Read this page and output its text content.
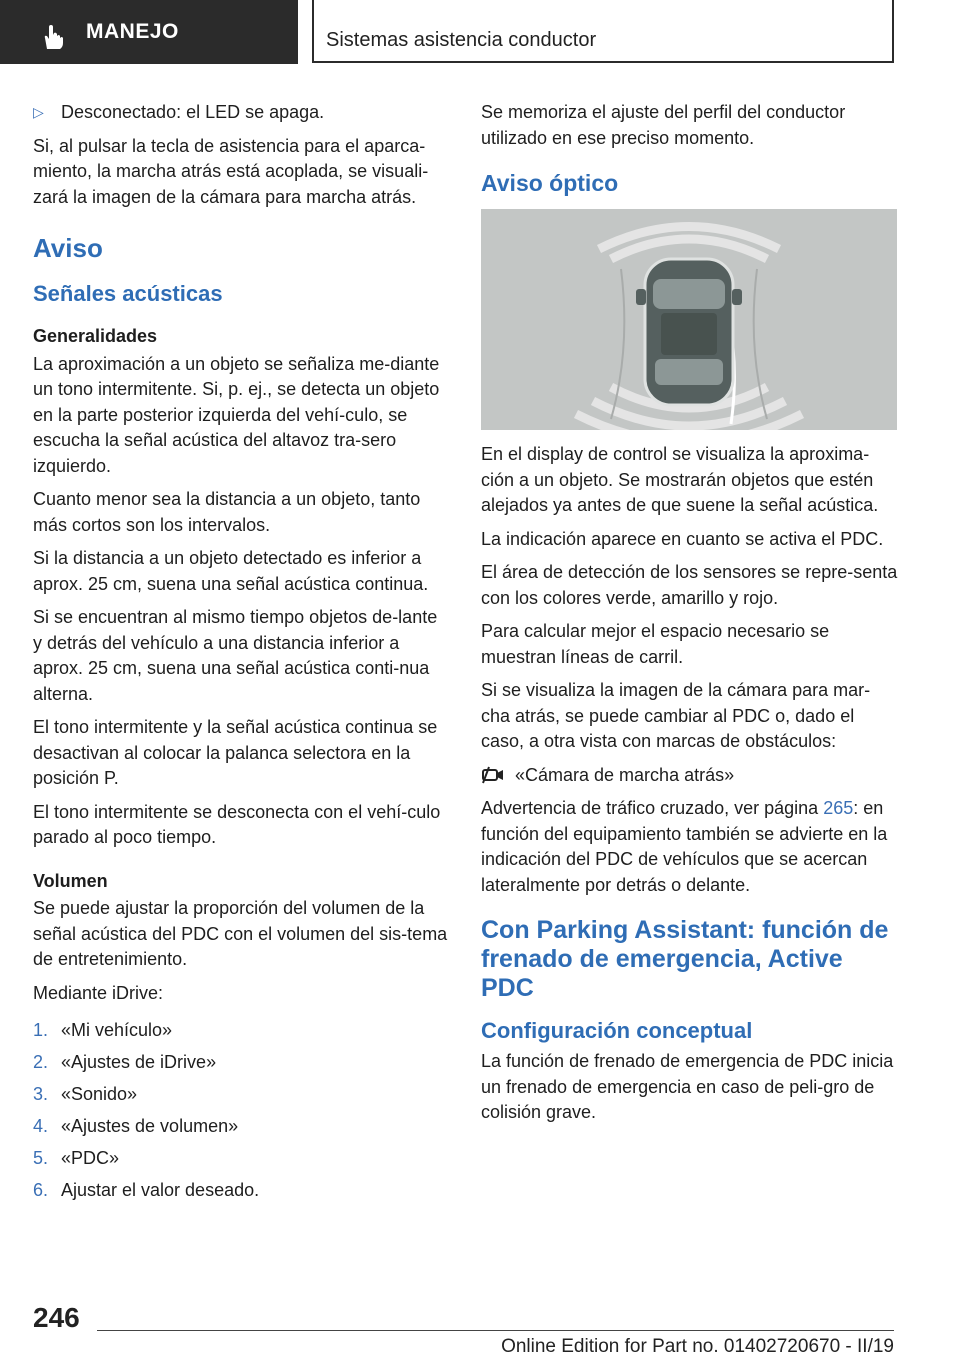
MANEJO	Sistemas asistencia conductor
▷ Desconectado: el LED se apaga.

Si, al pulsar la tecla de asistencia para el aparca-miento, la marcha atrás está acoplada, se visuali-zará la imagen de la cámara para marcha atrás.

Aviso
Señales acústicas
Generalidades

La aproximación a un objeto se señaliza me-diante un tono intermitente. Si, p. ej., se detecta un objeto en la parte posterior izquierda del vehí-culo, se escucha la señal acústica del altavoz tra-sero izquierdo.

Cuanto menor sea la distancia a un objeto, tanto más cortos son los intervalos.

Si la distancia a un objeto detectado es inferior a aprox. 25 cm, suena una señal acústica continua.

Si se encuentran al mismo tiempo objetos de-lante y detrás del vehículo a una distancia inferior a aprox. 25 cm, suena una señal acústica conti-nua alterna.

El tono intermitente y la señal acústica continua se desactivan al colocar la palanca selectora en la posición P.

El tono intermitente se desconecta con el vehí-culo parado al poco tiempo.

Volumen

Se puede ajustar la proporción del volumen de la señal acústica del PDC con el volumen del sis-tema de entretenimiento.

Mediante iDrive:

1. «Mi vehículo»
2. «Ajustes de iDrive»
3. «Sonido»
4. «Ajustes de volumen»
5. «PDC»
6. Ajustar el valor deseado.

Se memoriza el ajuste del perfil del conductor utilizado en ese preciso momento.

Aviso óptico

En el display de control se visualiza la aproxima-ción a un objeto. Se mostrarán objetos que estén alejados ya antes de que suene la señal acústica.

La indicación aparece en cuanto se activa el PDC.

El área de detección de los sensores se repre-senta con los colores verde, amarillo y rojo.

Para calcular mejor el espacio necesario se muestran líneas de carril.

Si se visualiza la imagen de la cámara para mar-cha atrás, se puede cambiar al PDC o, dado el caso, a otra vista con marcas de obstáculos:

«Cámara de marcha atrás»

Advertencia de tráfico cruzado, ver página 265: en función del equipamiento también se advierte en la indicación del PDC de vehículos que se acercan lateralmente por detrás o delante.

Con Parking Assistant: función de frenado de emergencia, Active PDC
Configuración conceptual

La función de frenado de emergencia de PDC inicia un frenado de emergencia en caso de peli-gro de colisión grave.

246
Online Edition for Part no. 01402720670 - II/19
